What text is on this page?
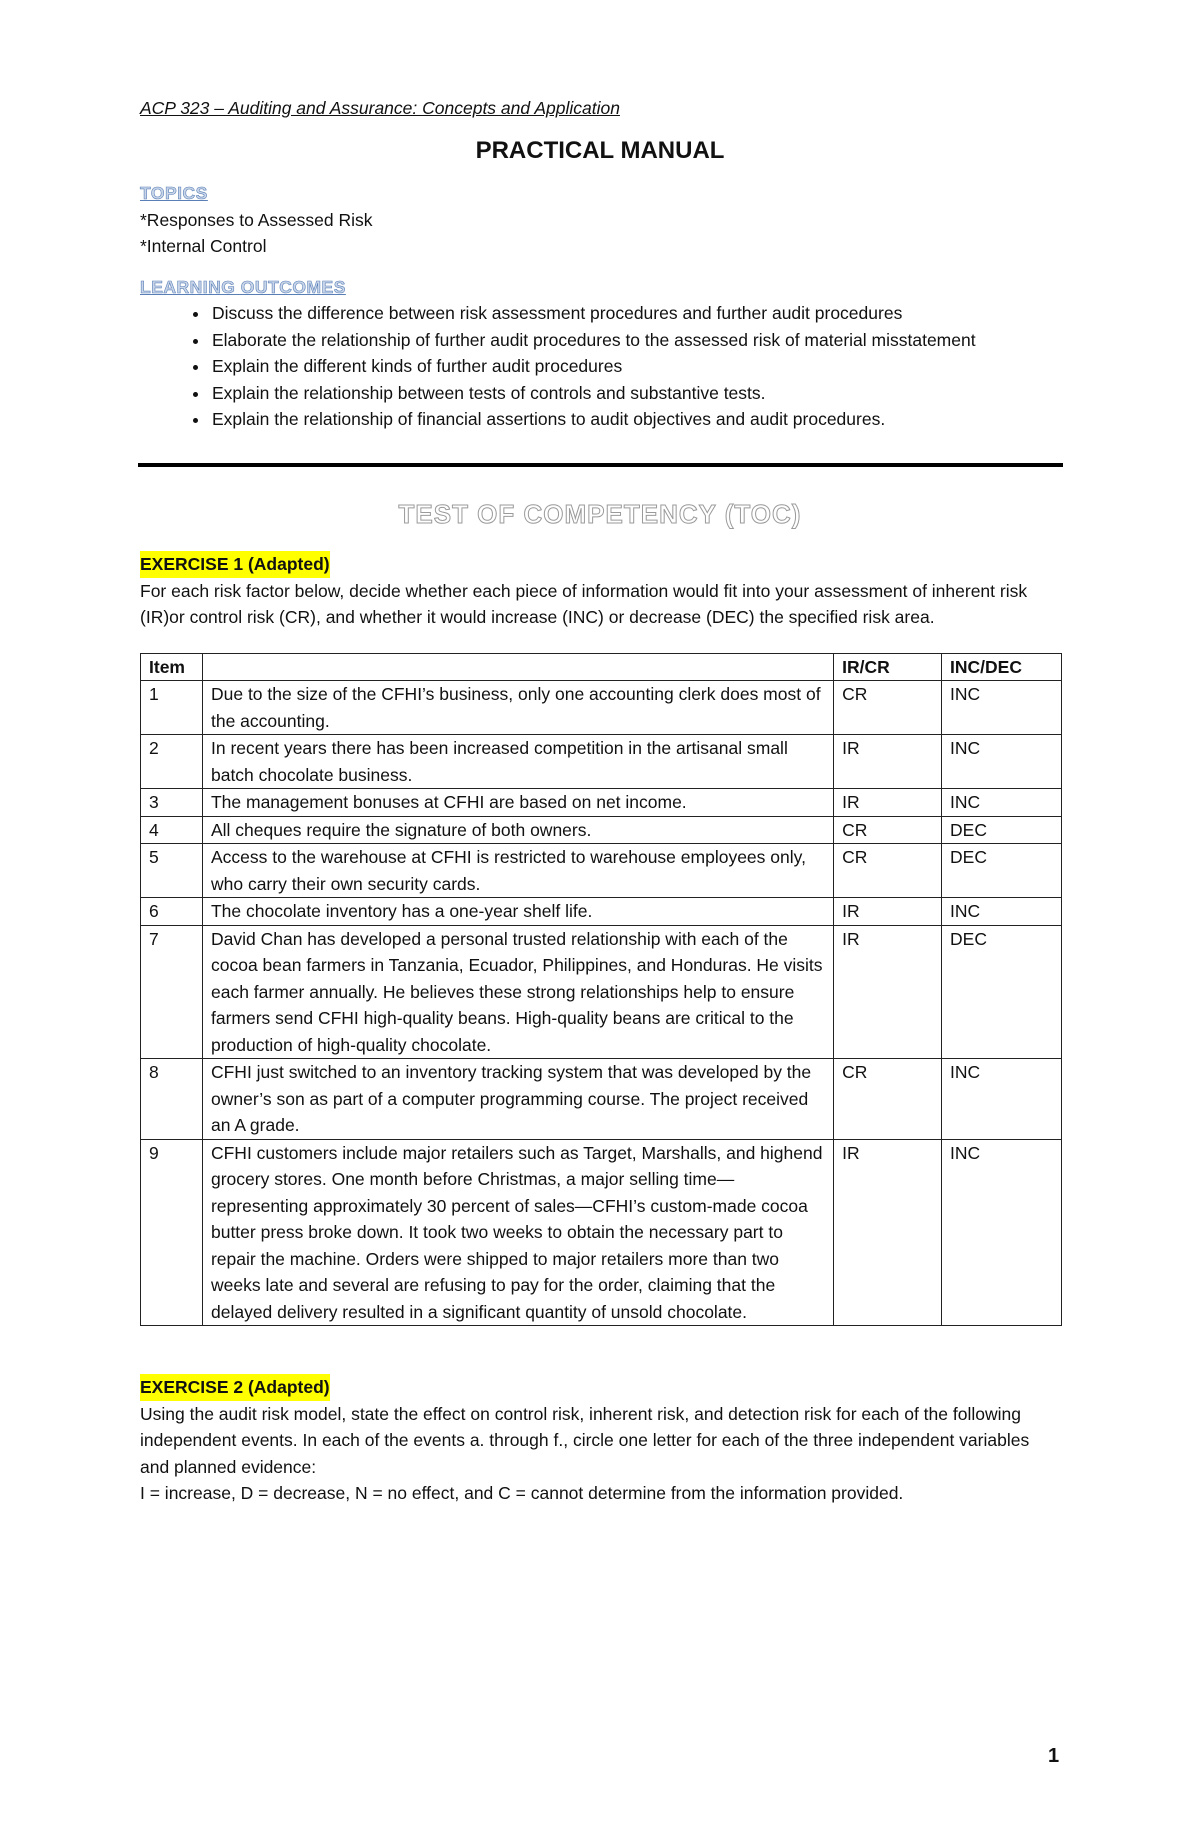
ACP 323 – Auditing and Assurance: Concepts and Application

PRACTICAL MANUAL
TOPICS

*Responses to Assessed Risk

*Internal Control

LEARNING OUTCOMES
• Discuss the difference between risk assessment procedures and further audit procedures
• Elaborate the relationship of further audit procedures to the assessed risk of material misstatement
• Explain the different kinds of further audit procedures
• Explain the relationship between tests of controls and substantive tests.
• Explain the relationship of financial assertions to audit objectives and audit procedures.
TEST OF COMPETENCY (TOC)
EXERCISE 1 (Adapted)

For each risk factor below, decide whether each piece of information would fit into your assessment of inherent risk (IR)or control risk (CR), and whether it would increase (INC) or decrease (DEC) the specified risk area.

Item		IR/CR	INC/DEC
1	Due to the size of the CFHI’s business, only one accounting clerk does most of the accounting.	CR	INC
2	In recent years there has been increased competition in the artisanal small batch chocolate business.	IR	INC
3	The management bonuses at CFHI are based on net income.	IR	INC
4	All cheques require the signature of both owners.	CR	DEC
5	Access to the warehouse at CFHI is restricted to warehouse employees only, who carry their own security cards.	CR	DEC
6	The chocolate inventory has a one-year shelf life.	IR	INC
7	David Chan has developed a personal trusted relationship with each of the cocoa bean farmers in Tanzania, Ecuador, Philippines, and Honduras. He visits each farmer annually. He believes these strong relationships help to ensure farmers send CFHI high-quality beans. High-quality beans are critical to the production of high-quality chocolate.	IR	DEC
8	CFHI just switched to an inventory tracking system that was developed by the owner’s son as part of a computer programming course. The project received an A grade.	CR	INC
9	CFHI customers include major retailers such as Target, Marshalls, and highend grocery stores. One month before Christmas, a major selling time—representing approximately 30 percent of sales—CFHI’s custom-made cocoa butter press broke down. It took two weeks to obtain the necessary part to repair the machine. Orders were shipped to major retailers more than two weeks late and several are refusing to pay for the order, claiming that the delayed delivery resulted in a significant quantity of unsold chocolate.	IR	INC
EXERCISE 2 (Adapted)

Using the audit risk model, state the effect on control risk, inherent risk, and detection risk for each of the following independent events. In each of the events a. through f., circle one letter for each of the three independent variables and planned evidence:

I = increase, D = decrease, N = no effect, and C = cannot determine from the information provided.

1
